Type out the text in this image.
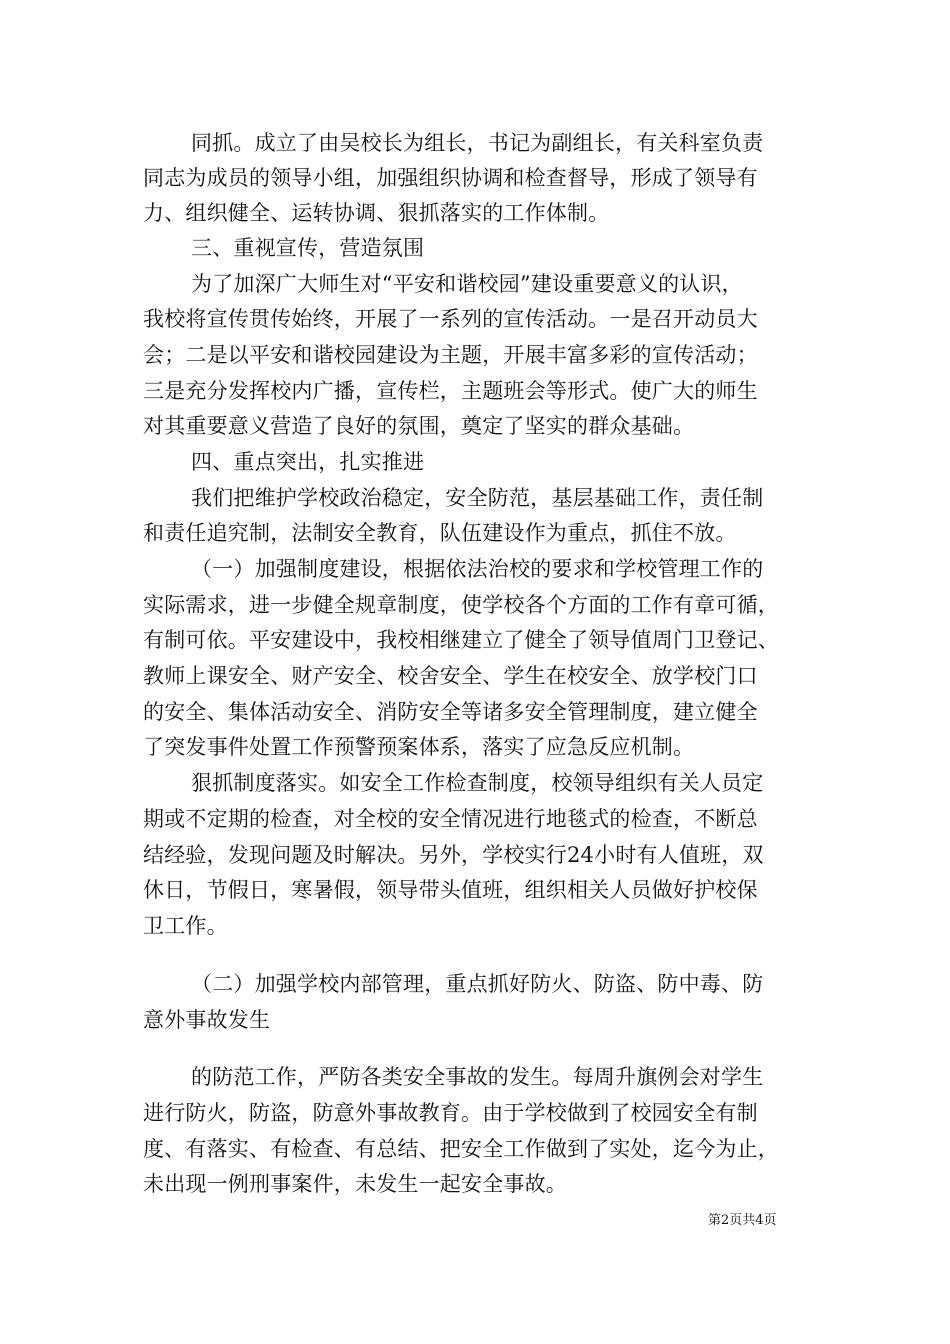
同抓。成立了由吴校长为组长，书记为副组长，有关科室负责
同志为成员的领导小组，加强组织协调和检查督导，形成了领导有
力、组织健全、运转协调、狠抓落实的工作体制。
三、重视宣传，营造氛围
为了加深广大师生对“平安和谐校园”建设重要意义的认识，
我校将宣传贯传始终，开展了一系列的宣传活动。一是召开动员大
会；二是以平安和谐校园建设为主题，开展丰富多彩的宣传活动；
三是充分发挥校内广播，宣传栏，主题班会等形式。使广大的师生
对其重要意义营造了良好的氛围，奠定了坚实的群众基础。
四、重点突出，扎实推进
我们把维护学校政治稳定，安全防范，基层基础工作，责任制
和责任追究制，法制安全教育，队伍建设作为重点，抓住不放。
（一）加强制度建设，根据依法治校的要求和学校管理工作的
实际需求，进一步健全规章制度，使学校各个方面的工作有章可循，
有制可依。平安建设中，我校相继建立了健全了领导值周门卫登记、
教师上课安全、财产安全、校舍安全、学生在校安全、放学校门口
的安全、集体活动安全、消防安全等诸多安全管理制度，建立健全
了突发事件处置工作预警预案体系，落实了应急反应机制。
狠抓制度落实。如安全工作检查制度，校领导组织有关人员定
期或不定期的检查，对全校的安全情况进行地毯式的检查，不断总
结经验，发现问题及时解决。另外，学校实行24小时有人值班，双
休日，节假日，寒暑假，领导带头值班，组织相关人员做好护校保
卫工作。
（二）加强学校内部管理，重点抓好防火、防盗、防中毒、防
意外事故发生
的防范工作，严防各类安全事故的发生。每周升旗例会对学生
进行防火，防盗，防意外事故教育。由于学校做到了校园安全有制
度、有落实、有检查、有总结、把安全工作做到了实处，迄今为止，
未出现一例刑事案件，未发生一起安全事故。
第2页共4页
